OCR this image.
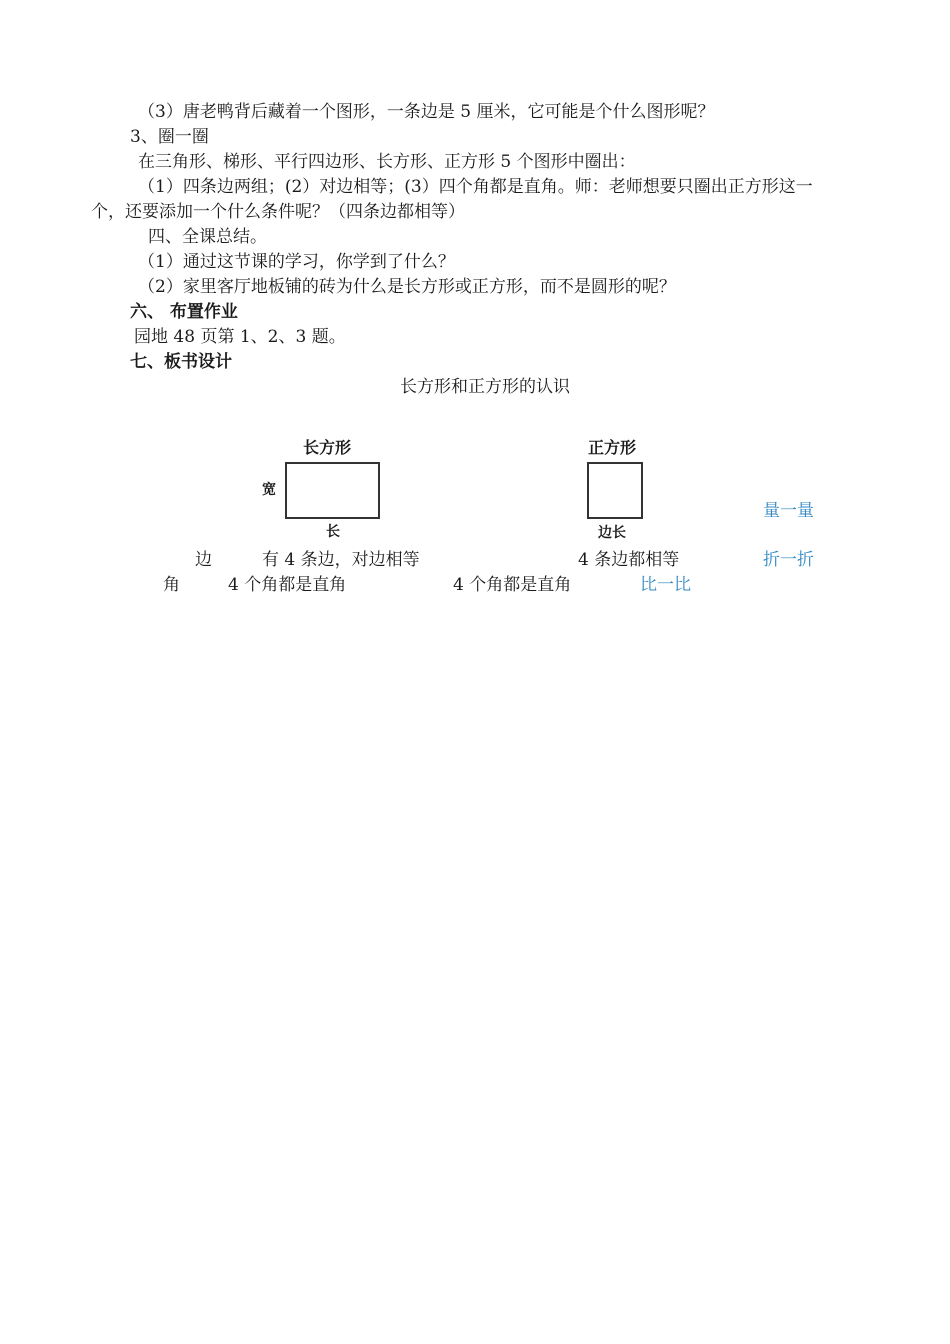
（3）唐老鸭背后藏着一个图形，一条边是 5 厘米，它可能是个什么图形呢？
3、圈一圈
在三角形、梯形、平行四边形、长方形、正方形 5 个图形中圈出：
（1）四条边两组；(2）对边相等；(3）四个角都是直角。师：老师想要只圈出正方形这一
个，还要添加一个什么条件呢？（四条边都相等）
四、全课总结。
（1）通过这节课的学习，你学到了什么？
（2）家里客厅地板铺的砖为什么是长方形或正方形，而不是圆形的呢？
六、 布置作业
园地 48 页第 1、2、3 题。
七、板书设计
长方形和正方形的认识
长方形
宽
长
正方形
边长
量一量
折一折
比一比
边	有 4 条边，对边相等	4 条边都相等
角	4 个角都是直角	4 个角都是直角
